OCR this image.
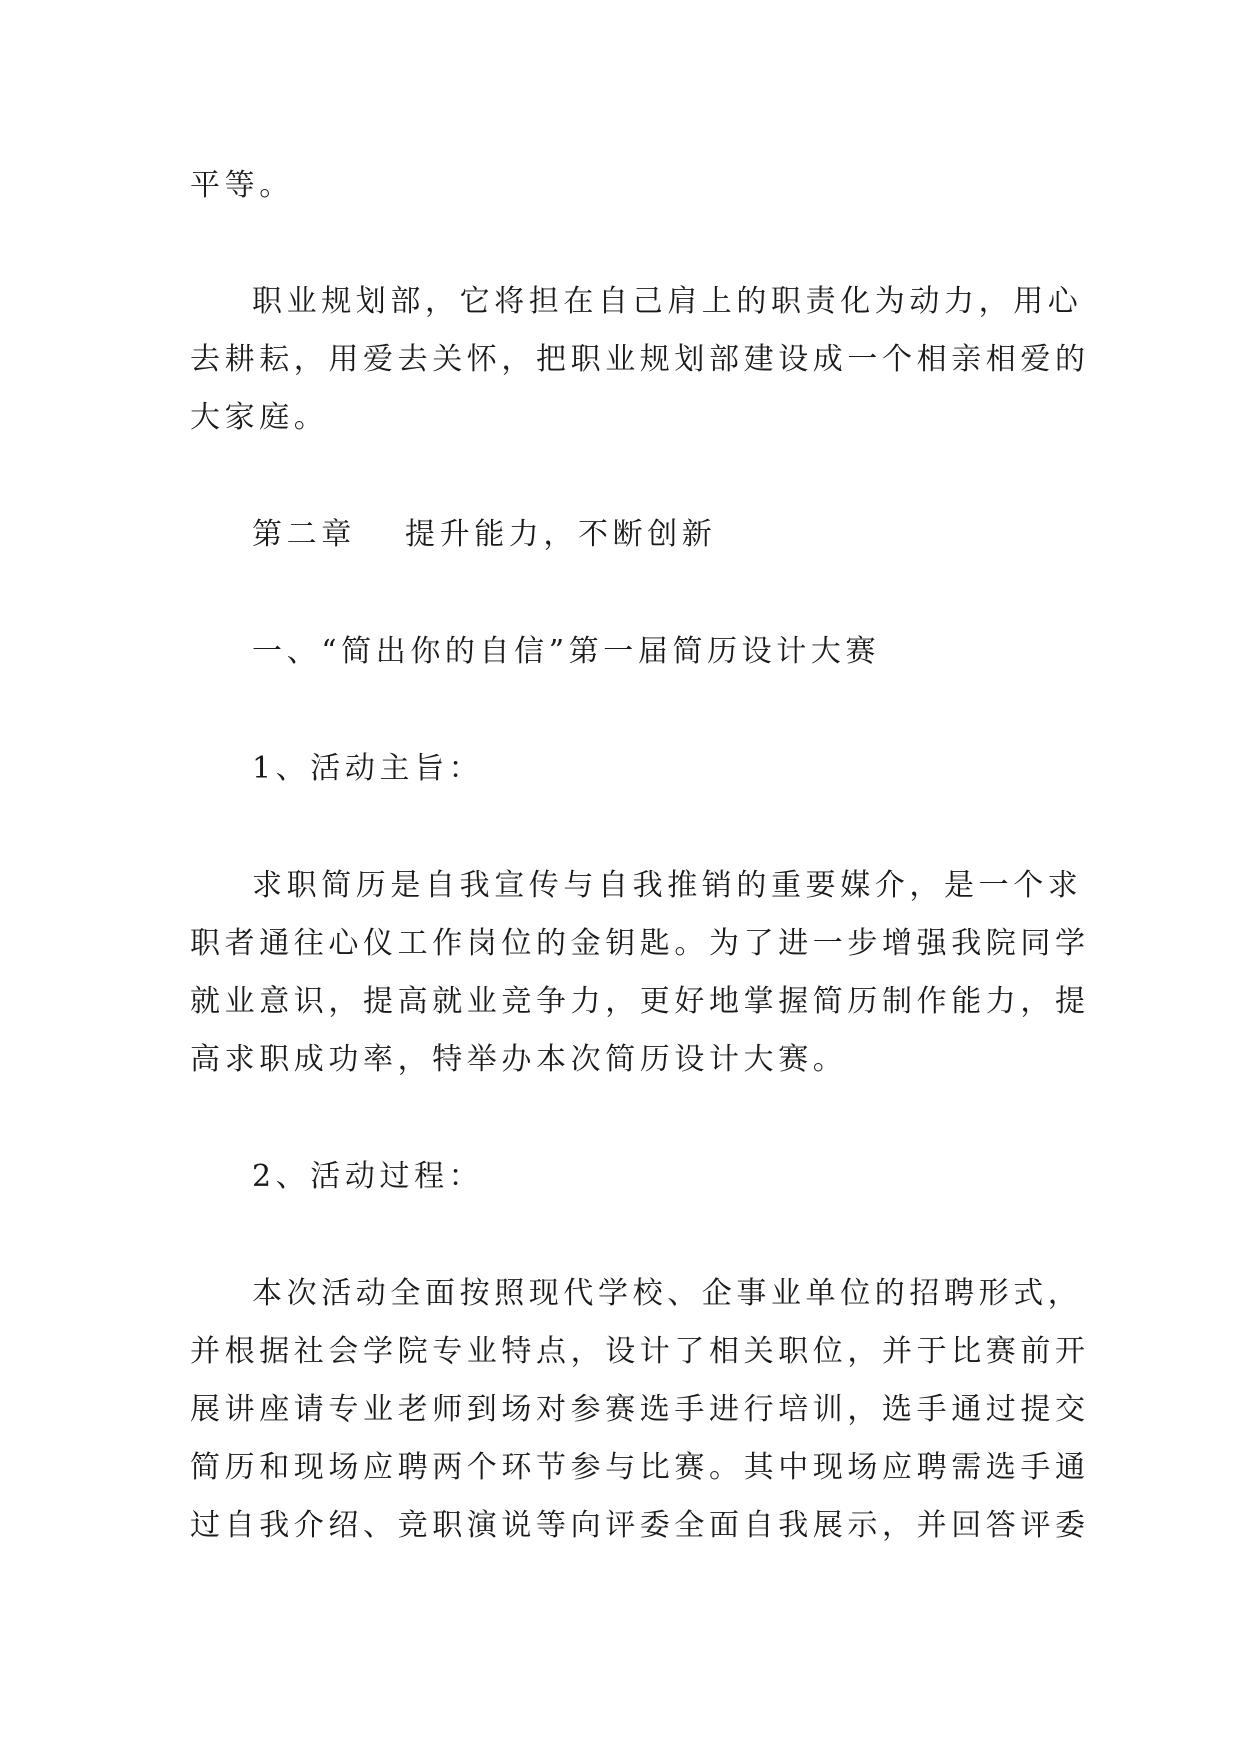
平等。
职业规划部，它将担在自己肩上的职责化为动力，用心
去耕耘，用爱去关怀，把职业规划部建设成一个相亲相爱的
大家庭。
第二章 提升能力，不断创新
一、“简出你的自信”第一届简历设计大赛
1、活动主旨：
求职简历是自我宣传与自我推销的重要媒介，是一个求
职者通往心仪工作岗位的金钥匙。为了进一步增强我院同学
就业意识，提高就业竞争力，更好地掌握简历制作能力，提
高求职成功率，特举办本次简历设计大赛。
2、活动过程：
本次活动全面按照现代学校、企事业单位的招聘形式，
并根据社会学院专业特点，设计了相关职位，并于比赛前开
展讲座请专业老师到场对参赛选手进行培训，选手通过提交
简历和现场应聘两个环节参与比赛。其中现场应聘需选手通
过自我介绍、竞职演说等向评委全面自我展示，并回答评委
